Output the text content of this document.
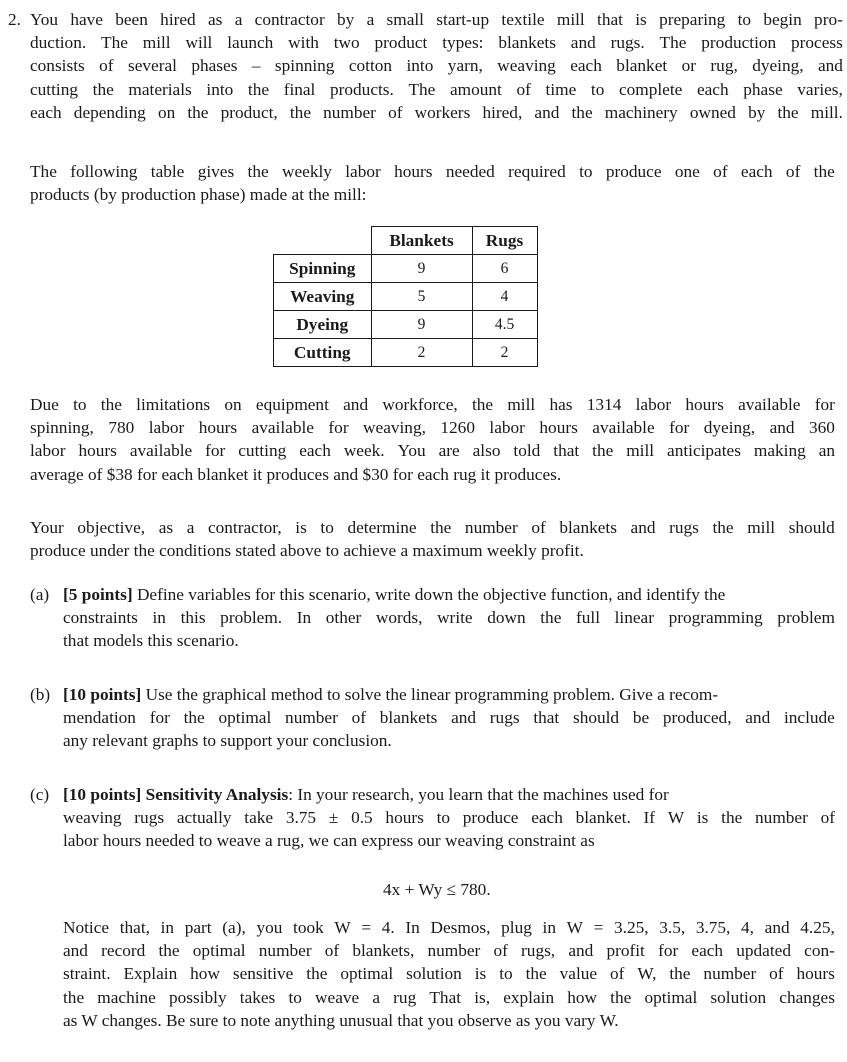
2. You have been hired as a contractor by a small start-up textile mill that is preparing to begin pro-
duction. The mill will launch with two product types: blankets and rugs. The production process
consists of several phases – spinning cotton into yarn, weaving each blanket or rug, dyeing, and
cutting the materials into the final products. The amount of time to complete each phase varies,
each depending on the product, the number of workers hired, and the machinery owned by the mill.
The following table gives the weekly labor hours needed required to produce one of each of the
products (by production phase) made at the mill:
	Blankets	Rugs
Spinning	9	6
Weaving	5	4
Dyeing	9	4.5
Cutting	2	2
Due to the limitations on equipment and workforce, the mill has 1314 labor hours available for
spinning, 780 labor hours available for weaving, 1260 labor hours available for dyeing, and 360
labor hours available for cutting each week. You are also told that the mill anticipates making an
average of $38 for each blanket it produces and $30 for each rug it produces.
Your objective, as a contractor, is to determine the number of blankets and rugs the mill should
produce under the conditions stated above to achieve a maximum weekly profit.
(a) [5 points] Define variables for this scenario, write down the objective function, and identify the
constraints in this problem. In other words, write down the full linear programming problem
that models this scenario.
(b) [10 points] Use the graphical method to solve the linear programming problem. Give a recom-
mendation for the optimal number of blankets and rugs that should be produced, and include
any relevant graphs to support your conclusion.
(c) [10 points] Sensitivity Analysis: In your research, you learn that the machines used for
weaving rugs actually take 3.75 ± 0.5 hours to produce each blanket. If W is the number of
labor hours needed to weave a rug, we can express our weaving constraint as
4x + Wy ≤ 780.
Notice that, in part (a), you took W = 4. In Desmos, plug in W = 3.25, 3.5, 3.75, 4, and 4.25,
and record the optimal number of blankets, number of rugs, and profit for each updated con-
straint. Explain how sensitive the optimal solution is to the value of W, the number of hours
the machine possibly takes to weave a rug That is, explain how the optimal solution changes
as W changes. Be sure to note anything unusual that you observe as you vary W.
